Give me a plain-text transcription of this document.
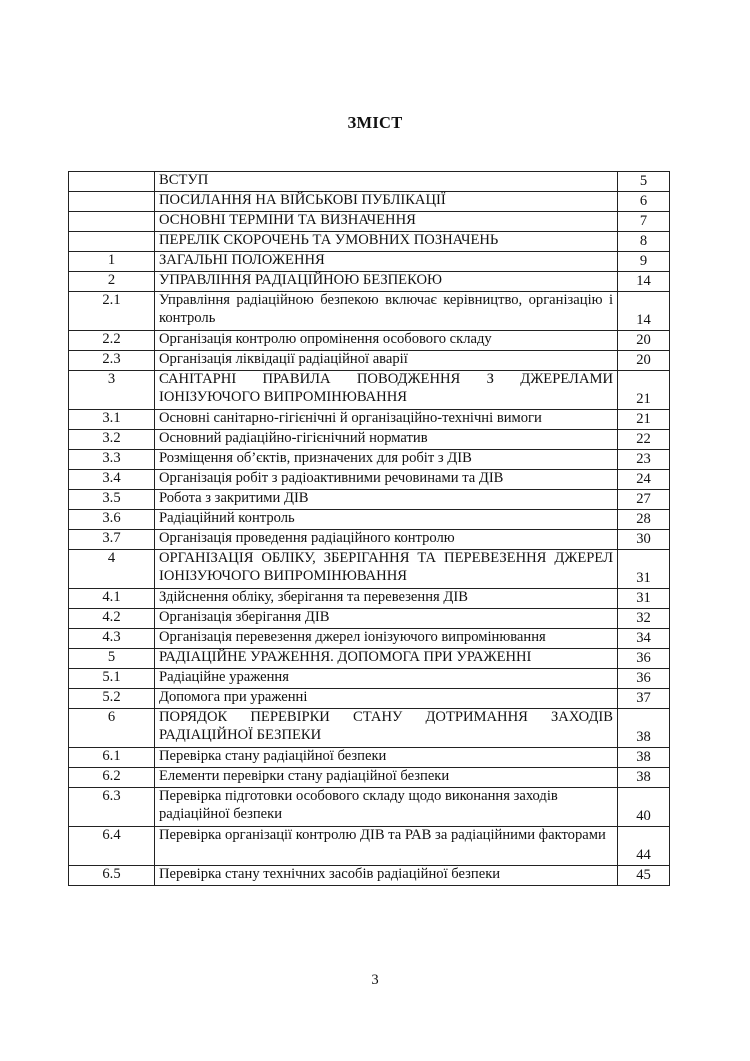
ЗМІСТ
	ВСТУП	5
	ПОСИЛАННЯ НА ВІЙСЬКОВІ ПУБЛІКАЦІЇ	6
	ОСНОВНІ ТЕРМІНИ ТА ВИЗНАЧЕННЯ	7
	ПЕРЕЛІК СКОРОЧЕНЬ ТА УМОВНИХ ПОЗНАЧЕНЬ	8
1	ЗАГАЛЬНІ ПОЛОЖЕННЯ	9
2	УПРАВЛІННЯ РАДІАЦІЙНОЮ БЕЗПЕКОЮ	14
2.1	Управління радіаційною безпекою включає керівництво, організацію і контроль	14
2.2	Організація контролю опромінення особового складу	20
2.3	Організація ліквідації радіаційної аварії	20
3	САНІТАРНІ ПРАВИЛА ПОВОДЖЕННЯ З ДЖЕРЕЛАМИ ІОНІЗУЮЧОГО ВИПРОМІНЮВАННЯ	21
3.1	Основні санітарно-гігієнічні й організаційно-технічні вимоги	21
3.2	Основний радіаційно-гігієнічний норматив	22
3.3	Розміщення об’єктів, призначених для робіт з ДІВ	23
3.4	Організація робіт з радіоактивними речовинами та ДІВ	24
3.5	Робота з закритими ДІВ	27
3.6	Радіаційний контроль	28
3.7	Організація проведення радіаційного контролю	30
4	ОРГАНІЗАЦІЯ ОБЛІКУ, ЗБЕРІГАННЯ ТА ПЕРЕВЕЗЕННЯ ДЖЕРЕЛ ІОНІЗУЮЧОГО ВИПРОМІНЮВАННЯ	31
4.1	Здійснення обліку, зберігання та перевезення ДІВ	31
4.2	Організація зберігання ДІВ	32
4.3	Організація перевезення джерел іонізуючого випромінювання	34
5	РАДІАЦІЙНЕ УРАЖЕННЯ. ДОПОМОГА ПРИ УРАЖЕННІ	36
5.1	Радіаційне ураження	36
5.2	Допомога при ураженні	37
6	ПОРЯДОК ПЕРЕВІРКИ СТАНУ ДОТРИМАННЯ ЗАХОДІВ РАДІАЦІЙНОЇ БЕЗПЕКИ	38
6.1	Перевірка стану радіаційної безпеки	38
6.2	Елементи перевірки стану радіаційної безпеки	38
6.3	Перевірка підготовки особового складу щодо виконання заходів радіаційної безпеки	40
6.4	Перевірка організації контролю ДІВ та РАВ за радіаційними факторами	44
6.5	Перевірка стану технічних засобів радіаційної безпеки	45
3
